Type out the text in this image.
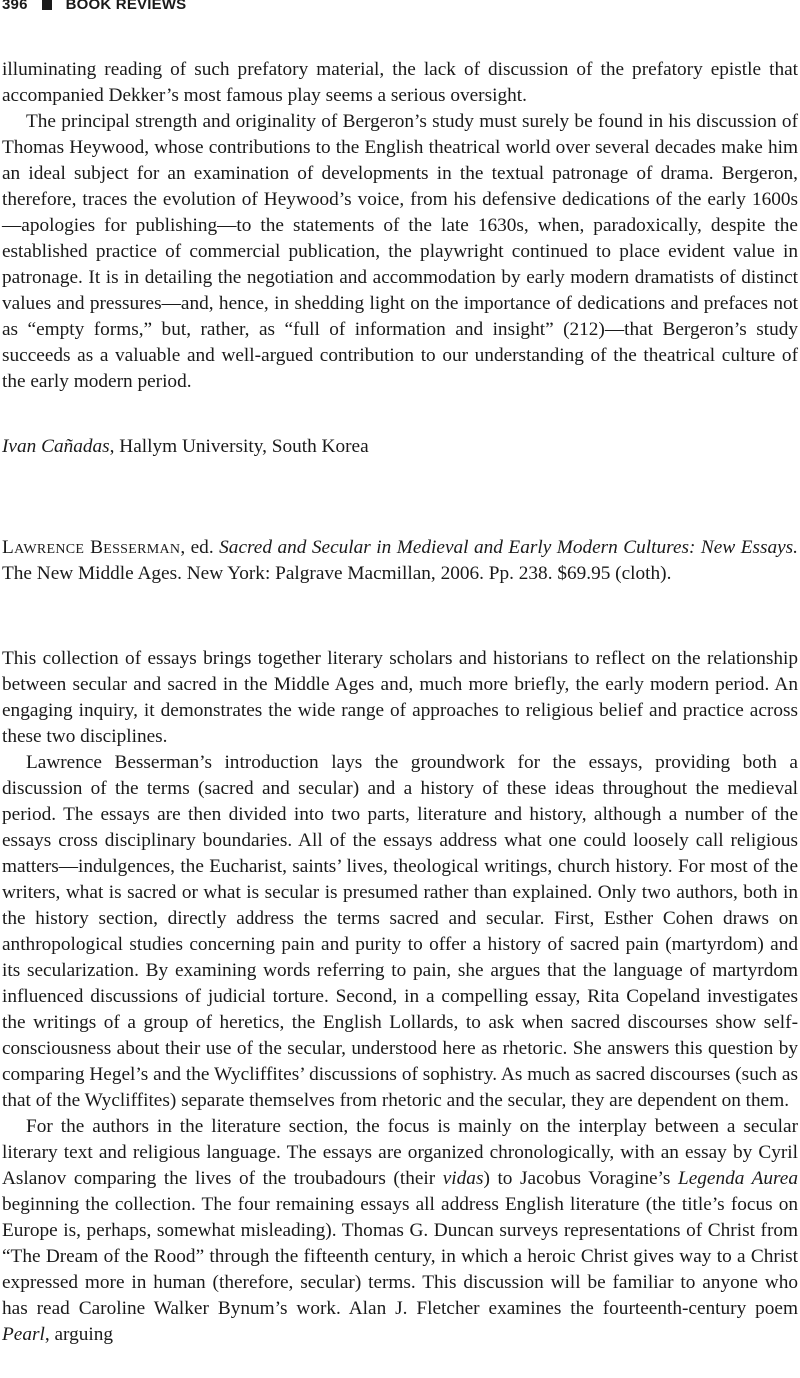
396	BOOK REVIEWS

illuminating reading of such prefatory material, the lack of discussion of the prefatory epistle that accompanied Dekker’s most famous play seems a serious oversight.

The principal strength and originality of Bergeron’s study must surely be found in his discussion of Thomas Heywood, whose contributions to the English theatrical world over several decades make him an ideal subject for an examination of developments in the textual patronage of drama. Bergeron, therefore, traces the evolution of Heywood’s voice, from his defensive dedications of the early 1600s—apologies for publishing—to the statements of the late 1630s, when, paradoxically, despite the established practice of commercial publication, the playwright continued to place evident value in patronage. It is in detailing the negotiation and accommodation by early modern dramatists of distinct values and pressures—and, hence, in shedding light on the importance of dedications and prefaces not as “empty forms,” but, rather, as “full of information and insight” (212)—that Bergeron’s study succeeds as a valuable and well-argued contribution to our understanding of the theatrical culture of the early modern period.

Ivan Cañadas, Hallym University, South Korea
Lawrence Besserman, ed. Sacred and Secular in Medieval and Early Modern Cultures: New Essays. The New Middle Ages. New York: Palgrave Macmillan, 2006. Pp. 238. $69.95 (cloth).

This collection of essays brings together literary scholars and historians to reflect on the relationship between secular and sacred in the Middle Ages and, much more briefly, the early modern period. An engaging inquiry, it demonstrates the wide range of approaches to religious belief and practice across these two disciplines.

Lawrence Besserman’s introduction lays the groundwork for the essays, providing both a discussion of the terms (sacred and secular) and a history of these ideas throughout the medieval period. The essays are then divided into two parts, literature and history, although a number of the essays cross disciplinary boundaries. All of the essays address what one could loosely call religious matters—indulgences, the Eucharist, saints’ lives, theological writings, church history. For most of the writers, what is sacred or what is secular is presumed rather than explained. Only two authors, both in the history section, directly address the terms sacred and secular. First, Esther Cohen draws on anthropological studies concerning pain and purity to offer a history of sacred pain (martyrdom) and its secularization. By examining words referring to pain, she argues that the language of martyrdom influenced discussions of judicial torture. Second, in a compelling essay, Rita Copeland investigates the writings of a group of heretics, the English Lollards, to ask when sacred discourses show self-consciousness about their use of the secular, understood here as rhetoric. She answers this question by comparing Hegel’s and the Wycliffites’ discussions of sophistry. As much as sacred discourses (such as that of the Wycliffites) separate themselves from rhetoric and the secular, they are dependent on them.

For the authors in the literature section, the focus is mainly on the interplay between a secular literary text and religious language. The essays are organized chronologically, with an essay by Cyril Aslanov comparing the lives of the troubadours (their vidas) to Jacobus Voragine’s Legenda Aurea beginning the collection. The four remaining essays all address English literature (the title’s focus on Europe is, perhaps, somewhat misleading). Thomas G. Duncan surveys representations of Christ from “The Dream of the Rood” through the fifteenth century, in which a heroic Christ gives way to a Christ expressed more in human (therefore, secular) terms. This discussion will be familiar to anyone who has read Caroline Walker Bynum’s work. Alan J. Fletcher examines the fourteenth-century poem Pearl, arguing
